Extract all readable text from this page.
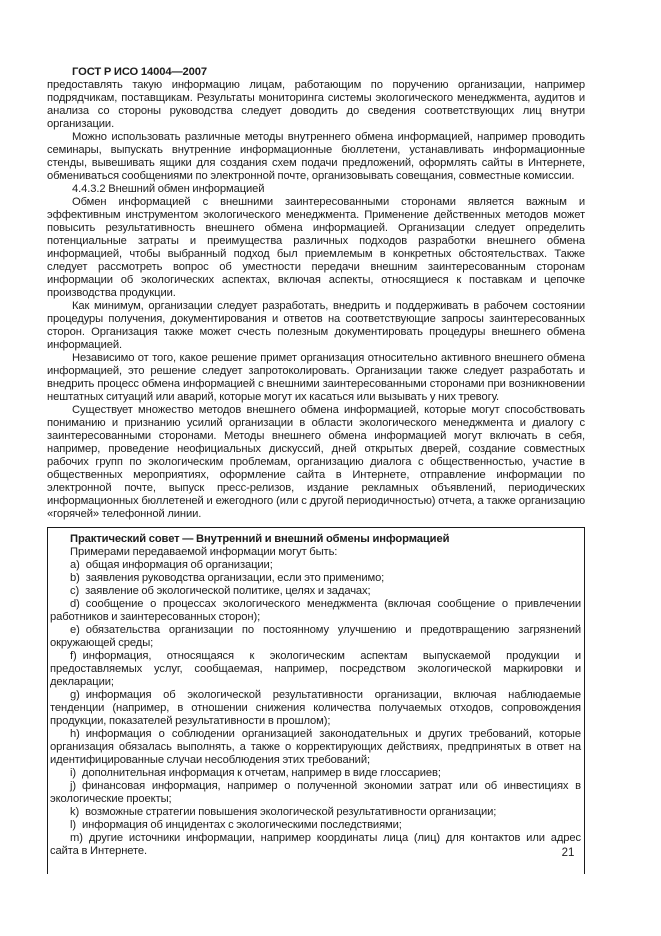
ГОСТ Р ИСО 14004—2007

предоставлять такую информацию лицам, работающим по поручению организации, например подрядчикам, поставщикам. Результаты мониторинга системы экологического менеджмента, аудитов и анализа со стороны руководства следует доводить до сведения соответствующих лиц внутри организации.

Можно использовать различные методы внутреннего обмена информацией, например проводить семинары, выпускать внутренние информационные бюллетени, устанавливать информационные стенды, вывешивать ящики для создания схем подачи предложений, оформлять сайты в Интернете, обмениваться сообщениями по электронной почте, организовывать совещания, совместные комиссии.

4.4.3.2 Внешний обмен информацией

Обмен информацией с внешними заинтересованными сторонами является важным и эффективным инструментом экологического менеджмента. Применение действенных методов может повысить результативность внешнего обмена информацией. Организации следует определить потенциальные затраты и преимущества различных подходов разработки внешнего обмена информацией, чтобы выбранный подход был приемлемым в конкретных обстоятельствах. Также следует рассмотреть вопрос об уместности передачи внешним заинтересованным сторонам информации об экологических аспектах, включая аспекты, относящиеся к поставкам и цепочке производства продукции.

Как минимум, организации следует разработать, внедрить и поддерживать в рабочем состоянии процедуры получения, документирования и ответов на соответствующие запросы заинтересованных сторон. Организация также может счесть полезным документировать процедуры внешнего обмена информацией.

Независимо от того, какое решение примет организация относительно активного внешнего обмена информацией, это решение следует запротоколировать. Организации также следует разработать и внедрить процесс обмена информацией с внешними заинтересованными сторонами при возникновении нештатных ситуаций или аварий, которые могут их касаться или вызывать у них тревогу.

Существует множество методов внешнего обмена информацией, которые могут способствовать пониманию и признанию усилий организации в области экологического менеджмента и диалогу с заинтересованными сторонами. Методы внешнего обмена информацией могут включать в себя, например, проведение неофициальных дискуссий, дней открытых дверей, создание совместных рабочих групп по экологическим проблемам, организацию диалога с общественностью, участие в общественных мероприятиях, оформление сайта в Интернете, отправление информации по электронной почте, выпуск пресс-релизов, издание рекламных объявлений, периодических информационных бюллетеней и ежегодного (или с другой периодичностью) отчета, а также организацию «горячей» телефонной линии.

Практический совет — Внутренний и внешний обмены информацией

Примерами передаваемой информации могут быть:

a) общая информация об организации;

b) заявления руководства организации, если это применимо;

c) заявление об экологической политике, целях и задачах;

d) сообщение о процессах экологического менеджмента (включая сообщение о привлечении работников и заинтересованных сторон);

e) обязательства организации по постоянному улучшению и предотвращению загрязнений окружающей среды;

f) информация, относящаяся к экологическим аспектам выпускаемой продукции и предоставляемых услуг, сообщаемая, например, посредством экологической маркировки и декларации;

g) информация об экологической результативности организации, включая наблюдаемые тенденции (например, в отношении снижения количества получаемых отходов, сопровождения продукции, показателей результативности в прошлом);

h) информация о соблюдении организацией законодательных и других требований, которые организация обязалась выполнять, а также о корректирующих действиях, предпринятых в ответ на идентифицированные случаи несоблюдения этих требований;

i) дополнительная информация к отчетам, например в виде глоссариев;

j) финансовая информация, например о полученной экономии затрат или об инвестициях в экологические проекты;

k) возможные стратегии повышения экологической результативности организации;

l) информация об инцидентах с экологическими последствиями;

m) другие источники информации, например координаты лица (лиц) для контактов или адрес сайта в Интернете.	21
